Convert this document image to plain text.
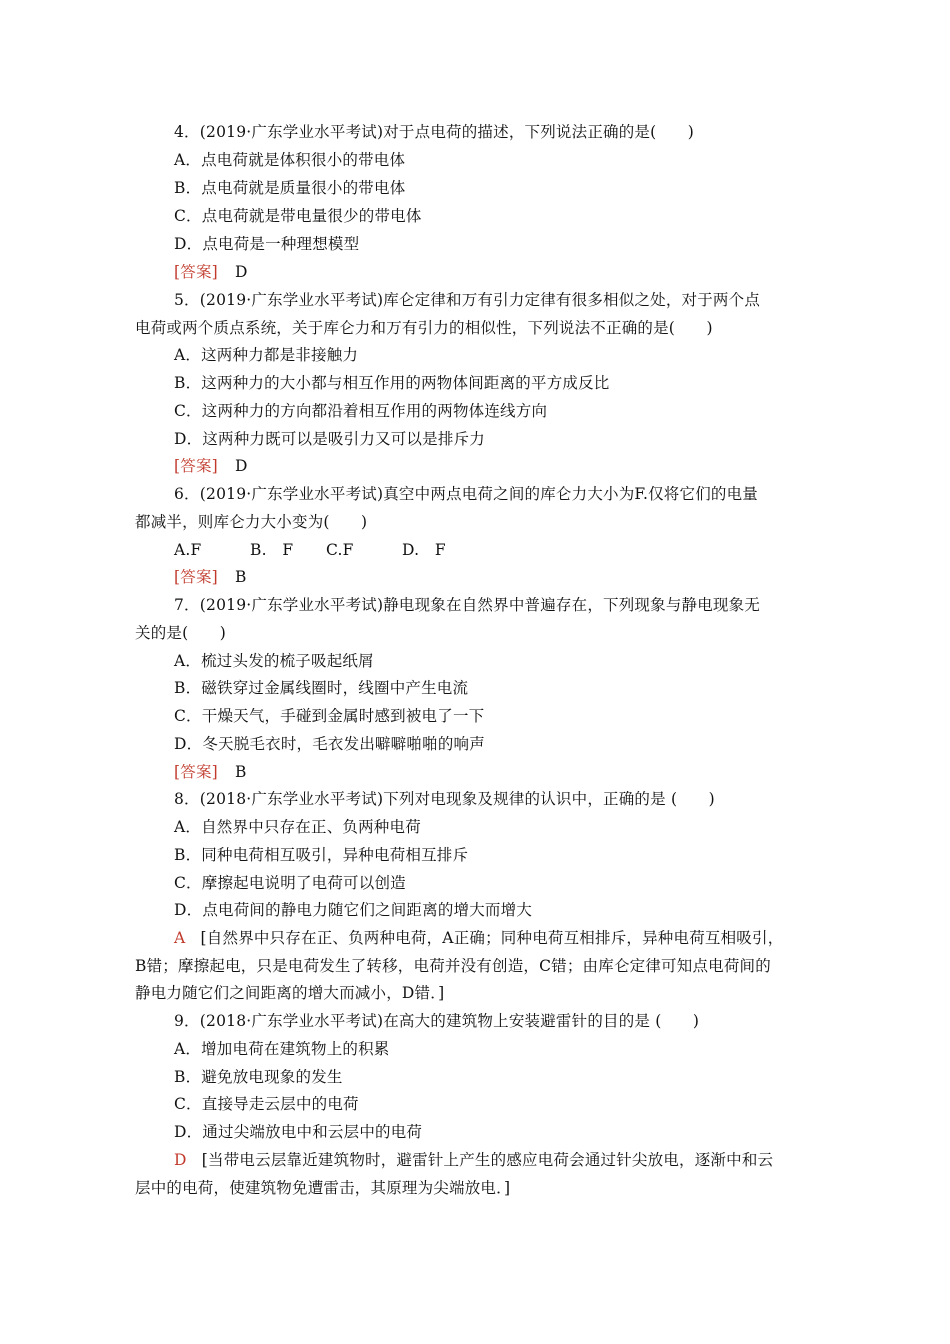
4．(2019·广东学业水平考试)对于点电荷的描述，下列说法正确的是(　　)
A．点电荷就是体积很小的带电体
B．点电荷就是质量很小的带电体
C．点电荷就是带电量很少的带电体
D．点电荷是一种理想模型
[答案] D
5．(2019·广东学业水平考试)库仑定律和万有引力定律有很多相似之处，对于两个点
电荷或两个质点系统，关于库仑力和万有引力的相似性，下列说法不正确的是(　　)
A．这两种力都是非接触力
B．这两种力的大小都与相互作用的两物体间距离的平方成反比
C．这两种力的方向都沿着相互作用的两物体连线方向
D．这两种力既可以是吸引力又可以是排斥力
[答案] D
6．(2019·广东学业水平考试)真空中两点电荷之间的库仑力大小为F.仅将它们的电量
都减半，则库仑力大小变为(　　)
A.F	B.　F C.F	D.　F
[答案] B
7．(2019·广东学业水平考试)静电现象在自然界中普遍存在，下列现象与静电现象无
关的是(　　)
A．梳过头发的梳子吸起纸屑
B．磁铁穿过金属线圈时，线圈中产生电流
C．干燥天气，手碰到金属时感到被电了一下
D．冬天脱毛衣时，毛衣发出噼噼啪啪的响声
[答案] B
8．(2018·广东学业水平考试)下列对电现象及规律的认识中，正确的是 (　　)
A．自然界中只存在正、负两种电荷
B．同种电荷相互吸引，异种电荷相互排斥
C．摩擦起电说明了电荷可以创造
D．点电荷间的静电力随它们之间距离的增大而增大
A [自然界中只存在正、负两种电荷，A正确；同种电荷互相排斥，异种电荷互相吸引，
B错；摩擦起电，只是电荷发生了转移，电荷并没有创造，C错；由库仑定律可知点电荷间的
静电力随它们之间距离的增大而减小，D错．]
9．(2018·广东学业水平考试)在高大的建筑物上安装避雷针的目的是 (　　)
A．增加电荷在建筑物上的积累
B．避免放电现象的发生
C．直接导走云层中的电荷
D．通过尖端放电中和云层中的电荷
D [当带电云层靠近建筑物时，避雷针上产生的感应电荷会通过针尖放电，逐渐中和云
层中的电荷，使建筑物免遭雷击，其原理为尖端放电．]
